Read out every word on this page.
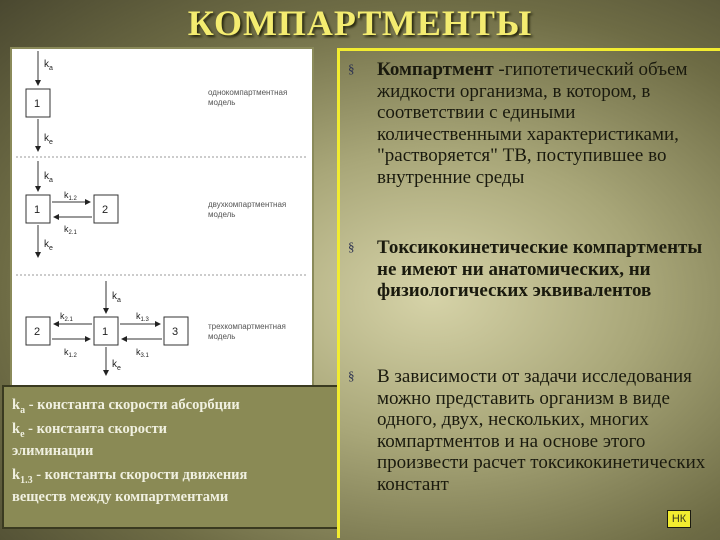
КОМПАРТМЕНТЫ
$k_a$
1
$k_e$
однокомпартментная
модель
$k_a$
1	2
$k_{1.2}$
$k_{2.1}$
$k_e$
двухкомпартментная
модель
$k_a$
2	1	3
$k_{2.1}$
$k_{1.2}$
$k_{1.3}$
$k_{3.1}$
$k_e$
трехкомпартментная
модель
$k_a$ - константа скорости абсорбции
$k_e$ - константа скорости
элиминации
$k_{1.3}$ - константы скорости движения
веществ между компартментами
§ Компартмент -гипотетический объем жидкости организма, в котором, в соответствии с едиными количественными характеристиками, "растворяется" ТВ, поступившее во внутренние среды
§ Токсикокинетические компартменты не имеют ни анатомических, ни физиологических эквивалентов
§ В зависимости от задачи исследования можно представить организм в виде одного, двух, нескольких, многих компартментов и на основе этого произвести расчет токсикокинетических констант
НК
